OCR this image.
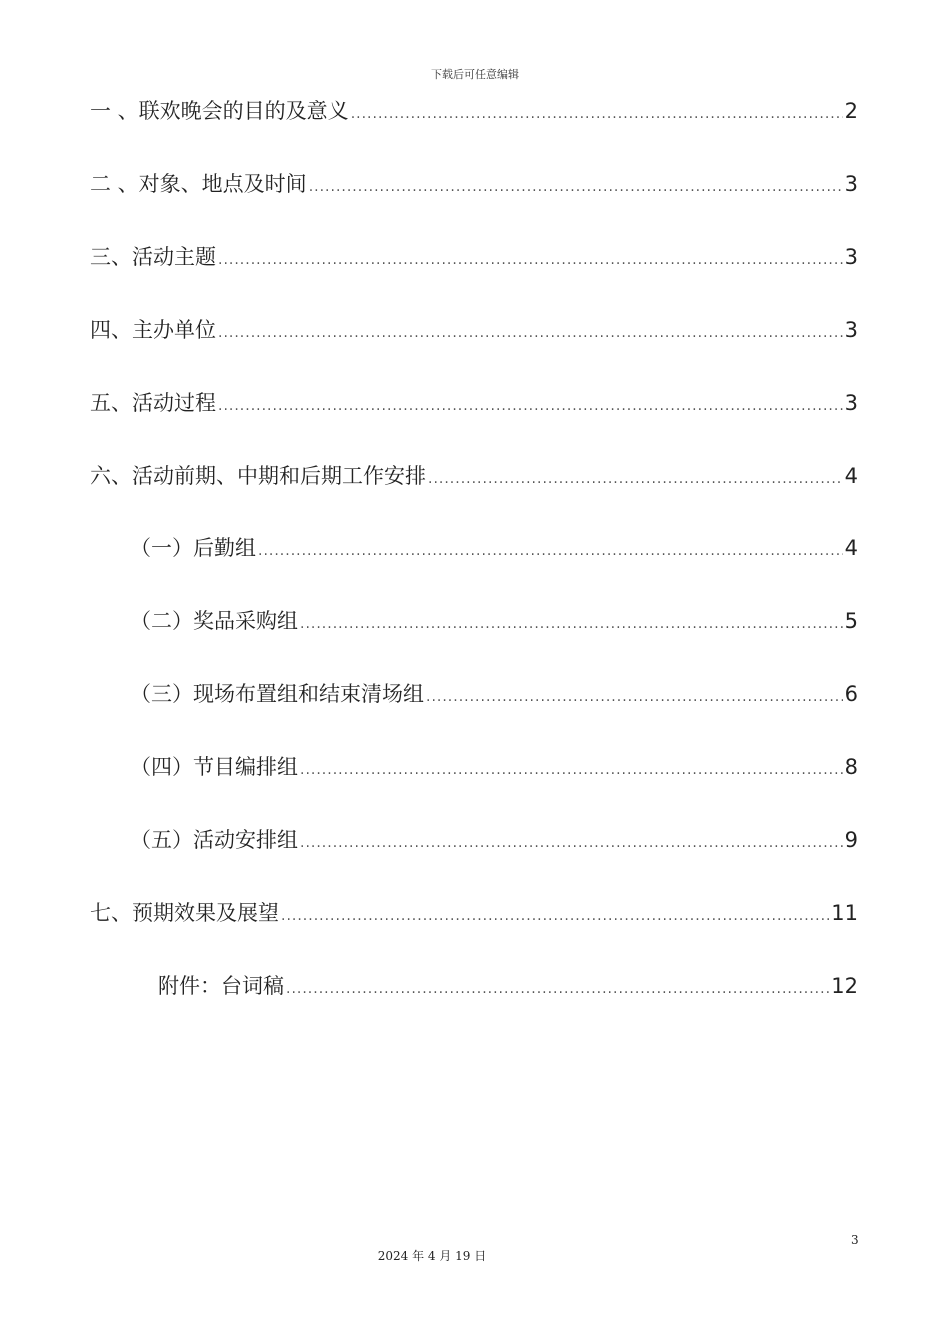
下载后可任意编辑
一 、联欢晚会的目的及意义 .....	2
二 、对象、地点及时间 .....	3
三、活动主题 .....	3
四、主办单位 .....	3
五、活动过程 .....	3
六、活动前期、中期和后期工作安排 .....	4
（一）后勤组 .....	4
（二）奖品采购组 .....	5
（三）现场布置组和结束清场组 .....	6
（四）节目编排组 .....	8
（五）活动安排组 .....	9
七、预期效果及展望 .....	11
附件：台词稿 .....	12
3
2024 年 4 月 19 日
